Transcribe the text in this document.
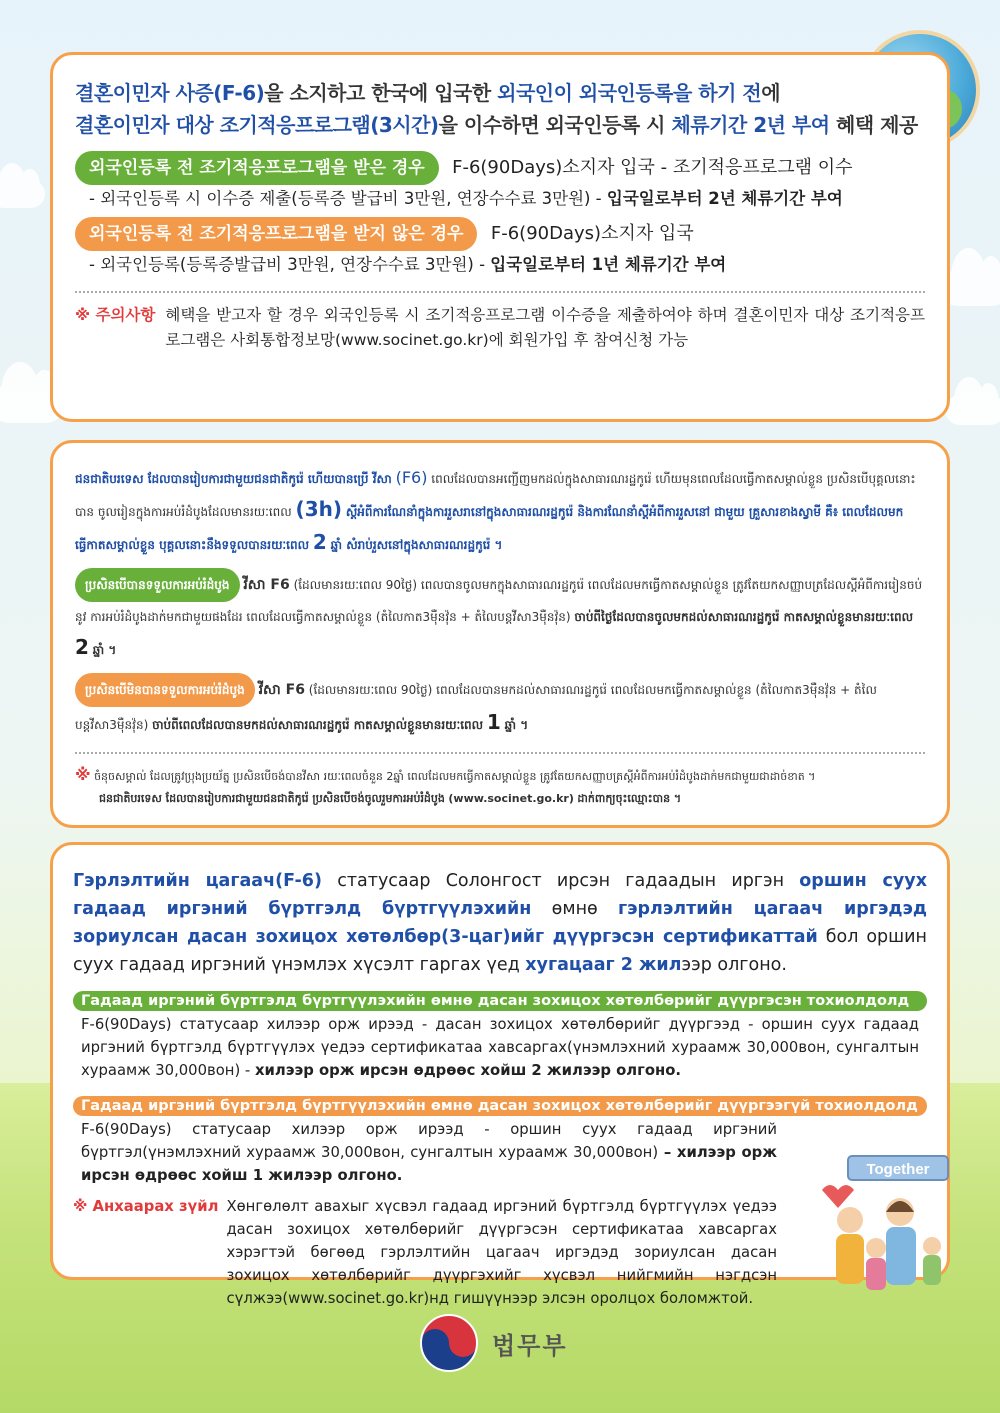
결혼이민자 사증(F-6)을 소지하고 한국에 입국한 외국인이 외국인등록을 하기 전에
결혼이민자 대상 조기적응프로그램(3시간)을 이수하면 외국인등록 시 체류기간 2년 부여 혜택 제공
외국인등록 전 조기적응프로그램을 받은 경우 F-6(90Days)소지자 입국 - 조기적응프로그램 이수
- 외국인등록 시 이수증 제출(등록증 발급비 3만원, 연장수수료 3만원) - 입국일로부터 2년 체류기간 부여
외국인등록 전 조기적응프로그램을 받지 않은 경우 F-6(90Days)소지자 입국
- 외국인등록(등록증발급비 3만원, 연장수수료 3만원) - 입국일로부터 1년 체류기간 부여
※ 주의사항 혜택을 받고자 할 경우 외국인등록 시 조기적응프로그램 이수증을 제출하여야 하며 결혼이민자 대상 조기적응프로그램은 사회통합정보망(www.socinet.go.kr)에 회원가입 후 참여신청 가능
ជនជាតិបរទេស ដែលបានរៀបការជាមួយជនជាតិកូរ៉េ ហើយបានប្រើ វីសា (F6) ពេលដែលបានអញ្ជើញមកដល់ក្នុងសាធារណរដ្ឋកូរ៉េ ហើយមុនពេលដែលធ្វើកាតសម្គាល់ខ្លួន ប្រសិនបើបុគ្គលនោះបាន ចូលរៀនក្នុងការអប់រំដំបូងដែលមានរយៈពេល (3h) ស្តីអំពីការណែនាំក្នុងការរួសរានៅក្នុងសាធារណរដ្ឋកូរ៉េ និងការណែនាំស្តីអំពីការរួសនៅ ជាមួយ គ្រួសារខាងស្វាមី គឺ៖ ពេលដែលមកធ្វើកាតសម្គាល់ខ្លួន បុគ្គលនោះនឹងទទួលបានរយៈពេល 2 ឆ្នាំ សំរាប់រួសនៅក្នុងសាធារណរដ្ឋកូរ៉េ ។
ប្រសិនបើបានទទួលការអប់រំដំបូង វីសា F6 (ដែលមានរយៈពេល 90ថ្ងៃ) ពេលបានចូលមកក្នុងសាធារណរដ្ឋកូរ៉េ ពេលដែលមកធ្វើកាតសម្គាល់ខ្លួន ត្រូវតែយកសញ្ញាបត្រដែលស្តីអំពីការរៀនចប់នូវ ការអប់រំដំបូងដាក់មកជាមួយផងដែរ ពេលដែលធ្វើកាតសម្គាល់ខ្លួន (តំលៃកាត3ម៉ឺនវ៉ុន + តំលៃបន្តវីសា3ម៉ឺនវ៉ុន) ចាប់ពីថ្ងៃដែលបានចូលមកដល់សាធារណរដ្ឋកូរ៉េ កាតសម្គាល់ខ្លួនមានរយៈពេល 2 ឆ្នាំ ។
ប្រសិនបើមិនបានទទួលការអប់រំដំបូង វីសា F6 (ដែលមានរយៈពេល 90ថ្ងៃ) ពេលដែលបានមកដល់សាធារណរដ្ឋកូរ៉េ ពេលដែលមកធ្វើកាតសម្គាល់ខ្លួន (តំលៃកាត3ម៉ឺនវ៉ុន + តំលៃបន្តវីសា3ម៉ឺនវ៉ុន) ចាប់ពីពេលដែលបានមកដល់សាធារណរដ្ឋកូរ៉េ កាតសម្គាល់ខ្លួនមានរយៈពេល 1 ឆ្នាំ ។
※ ចំនុចសម្គាល់ ដែលត្រូវប្រុងប្រយ័ត្ន ប្រសិនបើចង់បានវីសា រយៈពេលចំនួន 2ឆ្នាំ ពេលដែលមកធ្វើកាតសម្គាល់ខ្លួន ត្រូវតែយកសញ្ញាបត្រស្តីអំពីការអប់រំដំបូងដាក់មកជាមួយជាដាច់ខាត ។
ជនជាតិបរទេស ដែលបានរៀបការជាមួយជនជាតិកូរ៉េ ប្រសិនបើចង់ចូលរួមការអប់រំដំបូង (www.socinet.go.kr) ដាក់ពាក្យចុះឈ្មោះបាន ។
Гэрлэлтийн цагаач(F-6) статусаар Солонгост ирсэн гадаадын иргэн оршин суух гадаад иргэний бүртгэлд бүртгүүлэхийн өмнө гэрлэлтийн цагаач иргэдэд зориулсан дасан зохицох хөтөлбөр(3-цаг)ийг дүүргэсэн сертификаттай бол оршин суух гадаад иргэний үнэмлэх хүсэлт гаргах үед хугацааг 2 жилээр олгоно.
Гадаад иргэний бүртгэлд бүртгүүлэхийн өмнө дасан зохицох хөтөлбөрийг дүүргэсэн тохиолдолд
F-6(90Days) статусаар хилээр орж ирээд - дасан зохицох хөтөлбөрийг дүүргээд - оршин суух гадаад иргэний бүртгэлд бүртгүүлэх үедээ сертификатаа хавсаргах(үнэмлэхний хураамж 30,000вон, сунгалтын хураамж 30,000вон) - хилээр орж ирсэн өдрөөс хойш 2 жилээр олгоно.
Гадаад иргэний бүртгэлд бүртгүүлэхийн өмнө дасан зохицох хөтөлбөрийг дүүргээгүй тохиолдолд
F-6(90Days) статусаар хилээр орж ирээд - оршин суух гадаад иргэний бүртгэл(үнэмлэхний хураамж 30,000вон, сунгалтын хураамж 30,000вон) – хилээр орж ирсэн өдрөөс хойш 1 жилээр олгоно.
※ Анхаарах зүйл Хөнгөлөлт авахыг хүсвэл гадаад иргэний бүртгэлд бүртгүүлэх үедээ дасан зохицох хөтөлбөрийг дүүргэсэн сертификатаа хавсаргах хэрэгтэй бөгөөд гэрлэлтийн цагаач иргэдэд зориулсан дасан зохицох хөтөлбөрийг дүүргэхийг хүсвэл нийгмийн нэгдсэн сүлжээ(www.socinet.go.kr)нд гишүүнээр элсэн оролцох боломжтой.
Together
법무부
